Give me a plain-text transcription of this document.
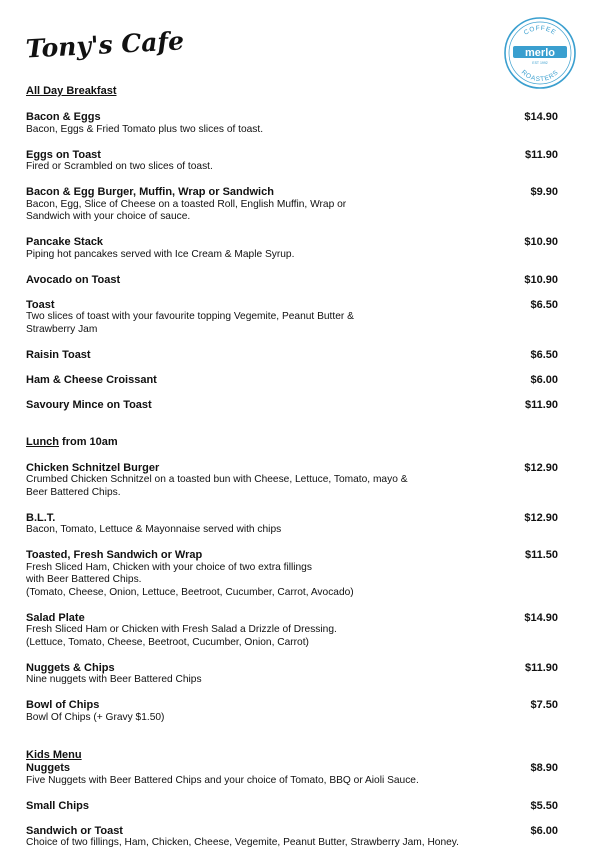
Tony's Cafe	COFFEE
merlo
EST 1992
ROASTERS
All Day Breakfast
Bacon & Eggs	$14.90
Bacon, Eggs & Fried Tomato plus two slices of toast.
Eggs on Toast	$11.90
Fired or Scrambled on two slices of toast.
Bacon & Egg Burger, Muffin, Wrap or Sandwich	$9.90
Bacon, Egg, Slice of Cheese on a toasted Roll, English Muffin, Wrap or Sandwich with your choice of sauce.
Pancake Stack	$10.90
Piping hot pancakes served with Ice Cream & Maple Syrup.
Avocado on Toast	$10.90
Toast	$6.50
Two slices of toast with your favourite topping Vegemite, Peanut Butter & Strawberry Jam
Raisin Toast	$6.50
Ham & Cheese Croissant	$6.00
Savoury Mince on Toast	$11.90
Lunch from 10am
Chicken Schnitzel Burger	$12.90
Crumbed Chicken Schnitzel on a toasted bun with Cheese, Lettuce, Tomato, mayo & Beer Battered Chips.
B.L.T.	$12.90
Bacon, Tomato, Lettuce & Mayonnaise served with chips
Toasted, Fresh Sandwich or Wrap	$11.50
Fresh Sliced Ham, Chicken with your choice of two extra fillings
with Beer Battered Chips.
(Tomato, Cheese, Onion, Lettuce, Beetroot, Cucumber, Carrot, Avocado)
Salad Plate	$14.90
Fresh Sliced Ham or Chicken with Fresh Salad a Drizzle of Dressing.
(Lettuce, Tomato, Cheese, Beetroot, Cucumber, Onion, Carrot)
Nuggets & Chips	$11.90
Nine nuggets with Beer Battered Chips
Bowl of Chips	$7.50
Bowl Of Chips (+ Gravy $1.50)
Kids Menu
Nuggets	$8.90
Five Nuggets with Beer Battered Chips and your choice of Tomato, BBQ or Aioli Sauce.
Small Chips	$5.50
Sandwich or Toast	$6.00
Choice of two fillings, Ham, Chicken, Cheese, Vegemite, Peanut Butter, Strawberry Jam, Honey.
